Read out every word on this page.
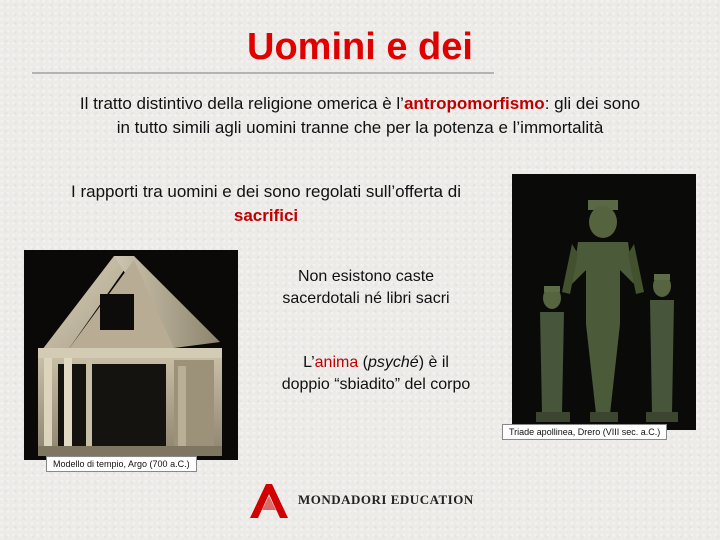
Uomini e dei
Il tratto distintivo della religione omerica è l’antropomorfismo: gli dei sono
in tutto simili agli uomini tranne che per la potenza e l’immortalità
I rapporti tra uomini e dei sono regolati sull’offerta di
sacrifici
Modello di tempio, Argo (700 a.C.)
Non esistono caste
sacerdotali né libri sacri
L’anima (psyché) è il
doppio “sbiadito” del corpo
Triade apollinea, Drero (VIII sec. a.C.)
MONDADORI EDUCATION
